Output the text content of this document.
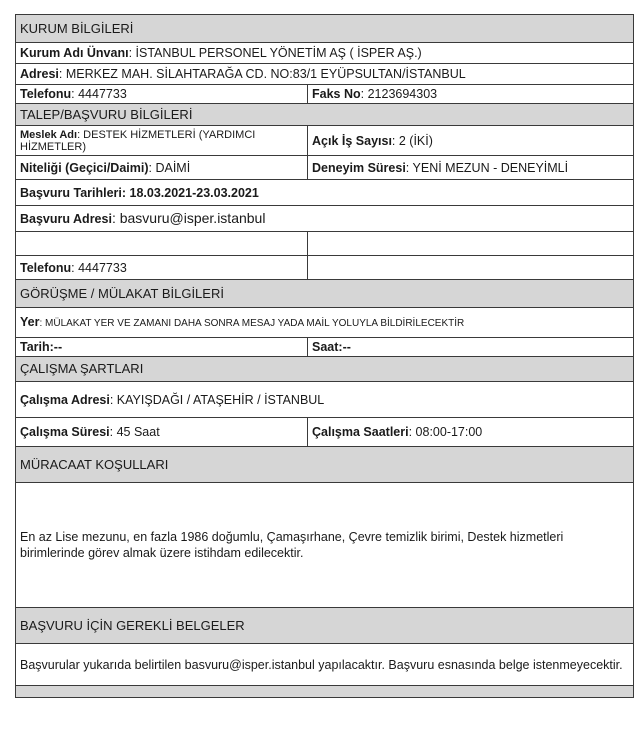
KURUM BİLGİLERİ	
Kurum Adı Ünvanı: İSTANBUL PERSONEL YÖNETİM AŞ ( İSPER AŞ.)	
Adresi: MERKEZ MAH. SİLAHTARAĞA CD. NO:83/1 EYÜPSULTAN/İSTANBUL	
Telefonu: 4447733	Faks No: 2123694303
TALEP/BAŞVURU BİLGİLERİ	
Meslek Adı: DESTEK HİZMETLERİ (YARDIMCI HİZMETLER)	Açık İş Sayısı: 2 (İKİ)
Niteliği (Geçici/Daimi): DAİMİ	Deneyim Süresi: YENİ MEZUN - DENEYİMLİ
Başvuru Tarihleri: 18.03.2021-23.03.2021	
Başvuru Adresi: basvuru@isper.istanbul	

Telefonu: 4447733	
GÖRÜŞME / MÜLAKAT BİLGİLERİ	
Yer: MÜLAKAT YER VE ZAMANI DAHA SONRA MESAJ YADA MAİL YOLUYLA BİLDİRİLECEKTİR	
Tarih:--	Saat:--
ÇALIŞMA ŞARTLARI	
Çalışma Adresi: KAYIŞDAĞI / ATAŞEHİR / İSTANBUL	
Çalışma Süresi: 45 Saat	Çalışma Saatleri: 08:00-17:00
MÜRACAAT KOŞULLARI	
En az Lise mezunu, en fazla 1986 doğumlu, Çamaşırhane, Çevre temizlik birimi, Destek hizmetleri birimlerinde görev almak üzere istihdam edilecektir.	
BAŞVURU İÇİN GEREKLİ BELGELER	
Başvurular yukarıda belirtilen basvuru@isper.istanbul yapılacaktır. Başvuru esnasında belge istenmeyecektir.	
